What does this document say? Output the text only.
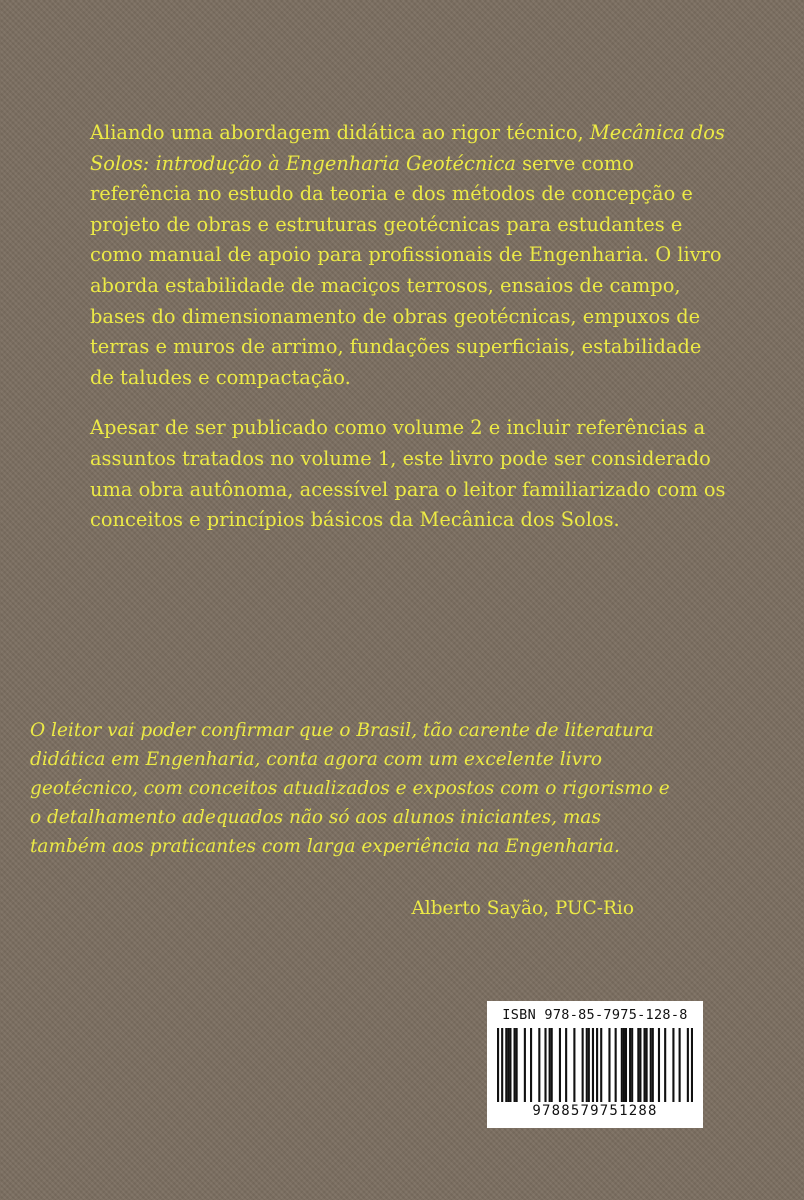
Aliando uma abordagem didática ao rigor técnico, Mecânica dos Solos: introdução à Engenharia Geotécnica serve como referência no estudo da teoria e dos métodos de concepção e projeto de obras e estruturas geotécnicas para estudantes e como manual de apoio para profissionais de Engenharia. O livro aborda estabilidade de maciços terrosos, ensaios de campo, bases do dimensionamento de obras geotécnicas, empuxos de terras e muros de arrimo, fundações superficiais, estabilidade de taludes e compactação.

Apesar de ser publicado como volume 2 e incluir referências a assuntos tratados no volume 1, este livro pode ser considerado uma obra autônoma, acessível para o leitor familiarizado com os conceitos e princípios básicos da Mecânica dos Solos.

O leitor vai poder confirmar que o Brasil, tão carente de literatura didática em Engenharia, conta agora com um excelente livro geotécnico, com conceitos atualizados e expostos com o rigorismo e o detalhamento adequados não só aos alunos iniciantes, mas também aos praticantes com larga experiência na Engenharia.

Alberto Sayão, PUC-Rio
ISBN 978-85-7975-128-8
9788579751288
